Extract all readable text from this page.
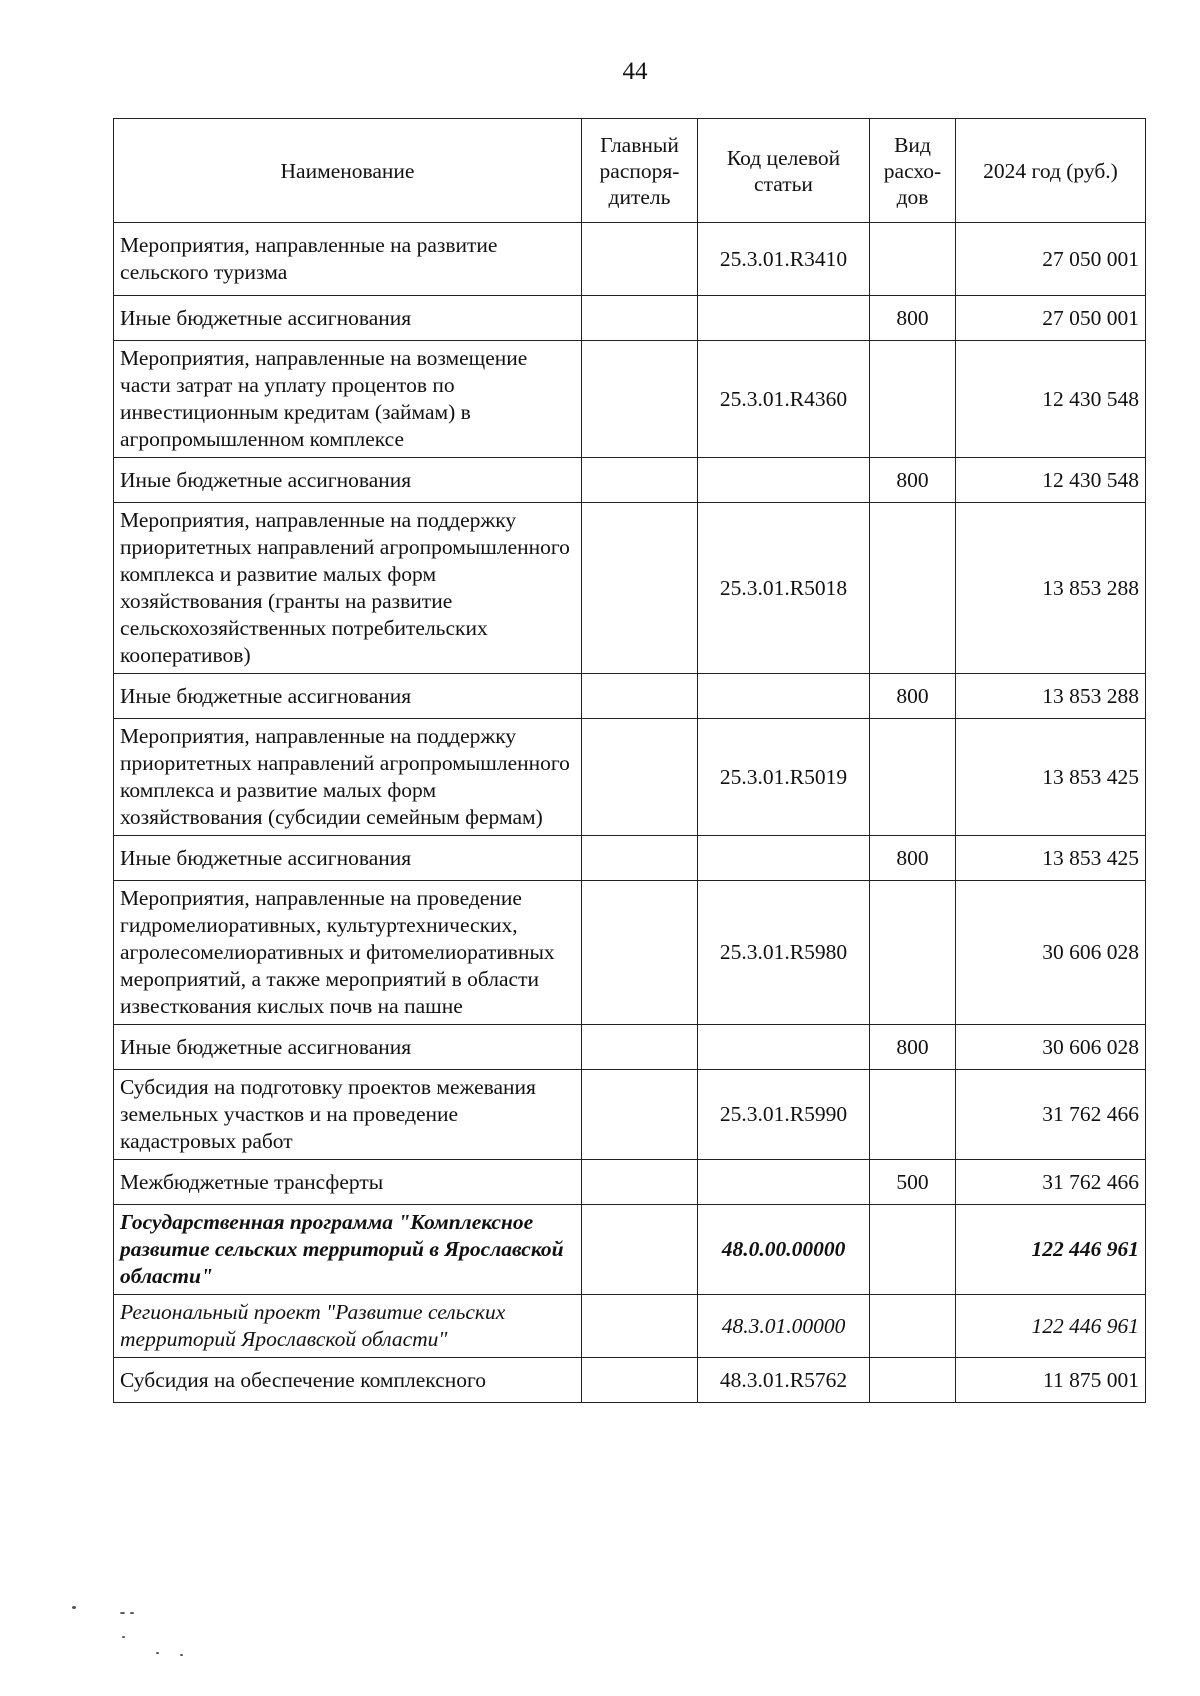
44
Наименование	Главный распоря-дитель	Код целевой статьи	Вид расхо-дов	2024 год (руб.)
Мероприятия, направленные на развитие сельского туризма		25.3.01.R3410		27 050 001
Иные бюджетные ассигнования			800	27 050 001
Мероприятия, направленные на возмещение части затрат на уплату процентов по инвестиционным кредитам (займам) в агропромышленном комплексе		25.3.01.R4360		12 430 548
Иные бюджетные ассигнования			800	12 430 548
Мероприятия, направленные на поддержку приоритетных направлений агропромышленного комплекса и развитие малых форм хозяйствования (гранты на развитие сельскохозяйственных потребительских кооперативов)		25.3.01.R5018		13 853 288
Иные бюджетные ассигнования			800	13 853 288
Мероприятия, направленные на поддержку приоритетных направлений агропромышленного комплекса и развитие малых форм хозяйствования (субсидии семейным фермам)		25.3.01.R5019		13 853 425
Иные бюджетные ассигнования			800	13 853 425
Мероприятия, направленные на проведение гидромелиоративных, культуртехнических, агролесомелиоративных и фитомелиоративных мероприятий, а также мероприятий в области известкования кислых почв на пашне		25.3.01.R5980		30 606 028
Иные бюджетные ассигнования			800	30 606 028
Субсидия на подготовку проектов межевания земельных участков и на проведение кадастровых работ		25.3.01.R5990		31 762 466
Межбюджетные трансферты			500	31 762 466
Государственная программа "Комплексное развитие сельских территорий в Ярославской области"		48.0.00.00000		122 446 961
Региональный проект "Развитие сельских территорий Ярославской области"		48.3.01.00000		122 446 961
Субсидия на обеспечение комплексного		48.3.01.R5762		11 875 001
